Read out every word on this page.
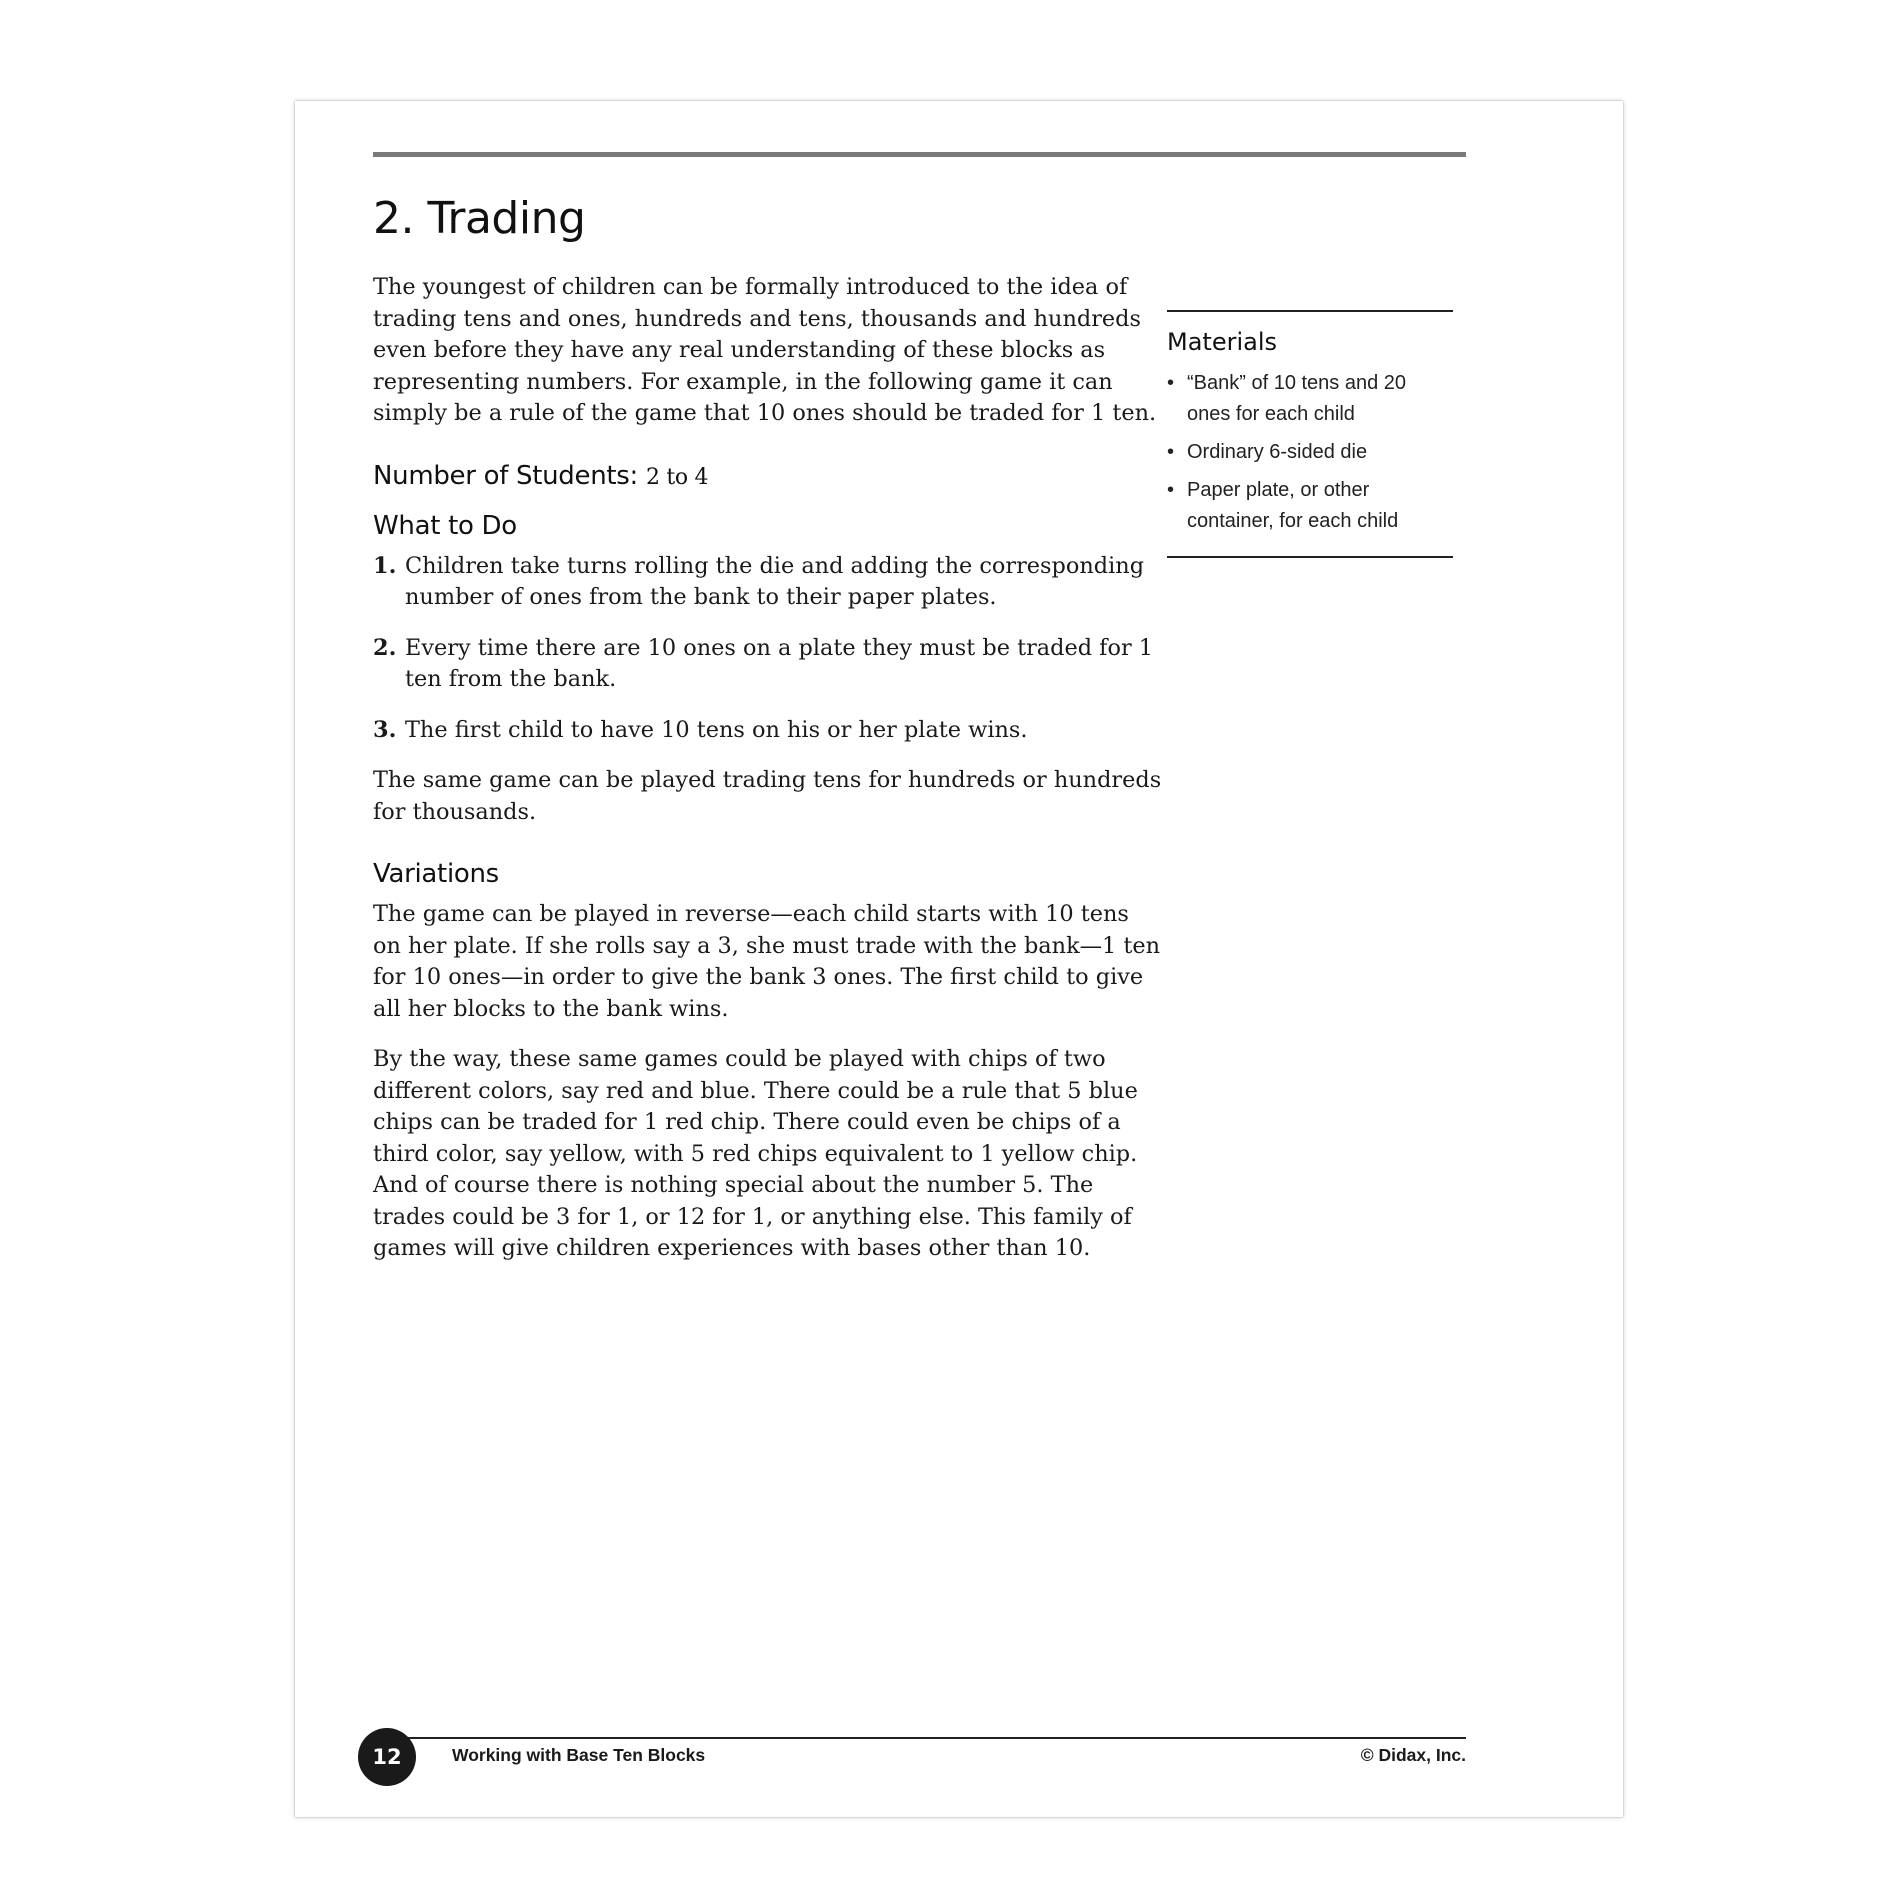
2. Trading

The youngest of children can be formally introduced to the idea of trading tens and ones, hundreds and tens, thousands and hundreds even before they have any real understanding of these blocks as representing numbers. For example, in the following game it can simply be a rule of the game that 10 ones should be traded for 1 ten.

Number of Students: 2 to 4
What to Do
1. Children take turns rolling the die and adding the corresponding number of ones from the bank to their paper plates.
2. Every time there are 10 ones on a plate they must be traded for 1 ten from the bank.
3. The first child to have 10 tens on his or her plate wins.

The same game can be played trading tens for hundreds or hundreds for thousands.

Variations

The game can be played in reverse—each child starts with 10 tens on her plate. If she rolls say a 3, she must trade with the bank—1 ten for 10 ones—in order to give the bank 3 ones. The first child to give all her blocks to the bank wins.

By the way, these same games could be played with chips of two different colors, say red and blue. There could be a rule that 5 blue chips can be traded for 1 red chip. There could even be chips of a third color, say yellow, with 5 red chips equivalent to 1 yellow chip. And of course there is nothing special about the number 5. The trades could be 3 for 1, or 12 for 1, or anything else. This family of games will give children experiences with bases other than 10.

Materials
• “Bank” of 10 tens and 20 ones for each child
• Ordinary 6-sided die
• Paper plate, or other container, for each child
12	Working with Base Ten Blocks	© Didax, Inc.
